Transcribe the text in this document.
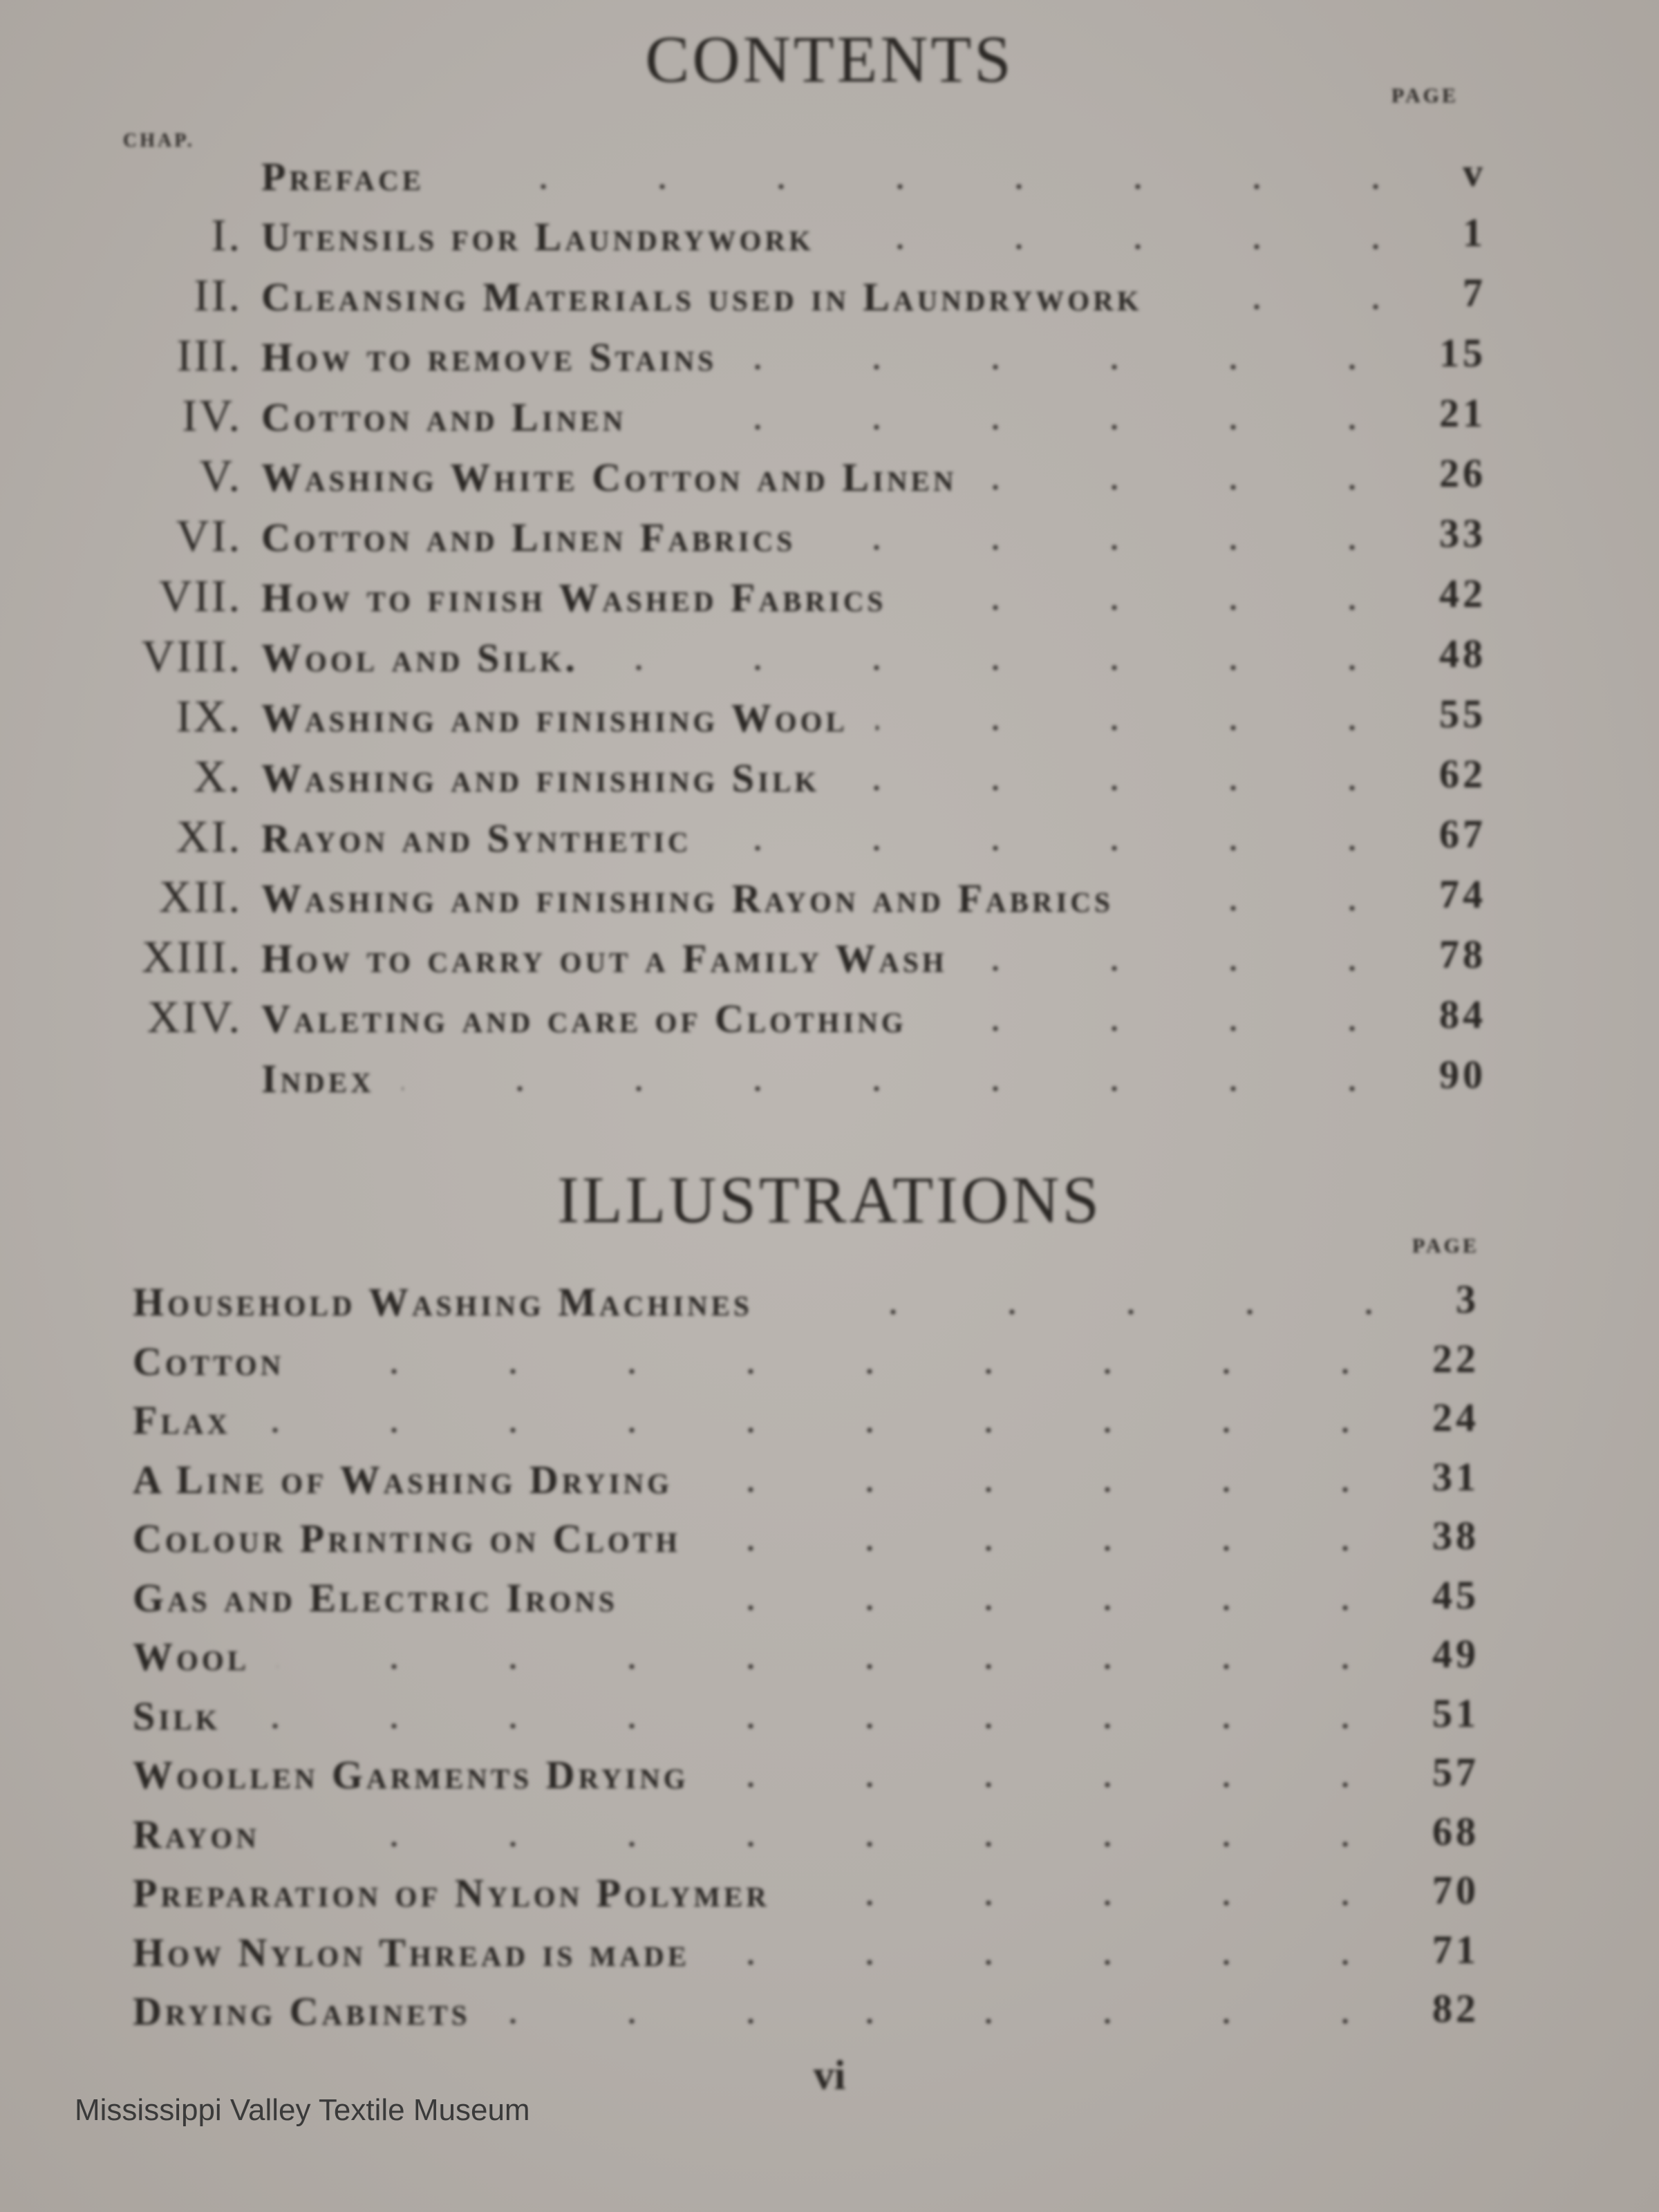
CONTENTS	PAGE
CHAP.
Preface	v
I. Utensils for Laundrywork	1
II. Cleansing Materials used in Laundrywork	7
III. How to remove Stains	15
IV. Cotton and Linen	21
V. Washing White Cotton and Linen	26
VI. Cotton and Linen Fabrics	33
VII. How to finish Washed Fabrics	42
VIII. Wool and Silk.	48
IX. Washing and finishing Wool	55
X. Washing and finishing Silk	62
XI. Rayon and Synthetic	67
XII. Washing and finishing Rayon and Fabrics	74
XIII. How to carry out a Family Wash	78
XIV. Valeting and care of Clothing	84
Index	90
ILLUSTRATIONS
PAGE
Household Washing Machines	3
Cotton	22
Flax	24
A Line of Washing Drying	31
Colour Printing on Cloth	38
Gas and Electric Irons	45
Wool	49
Silk	51
Woollen Garments Drying	57
Rayon	68
Preparation of Nylon Polymer	70
How Nylon Thread is made	71
Drying Cabinets	82
vi
Mississippi Valley Textile Museum
